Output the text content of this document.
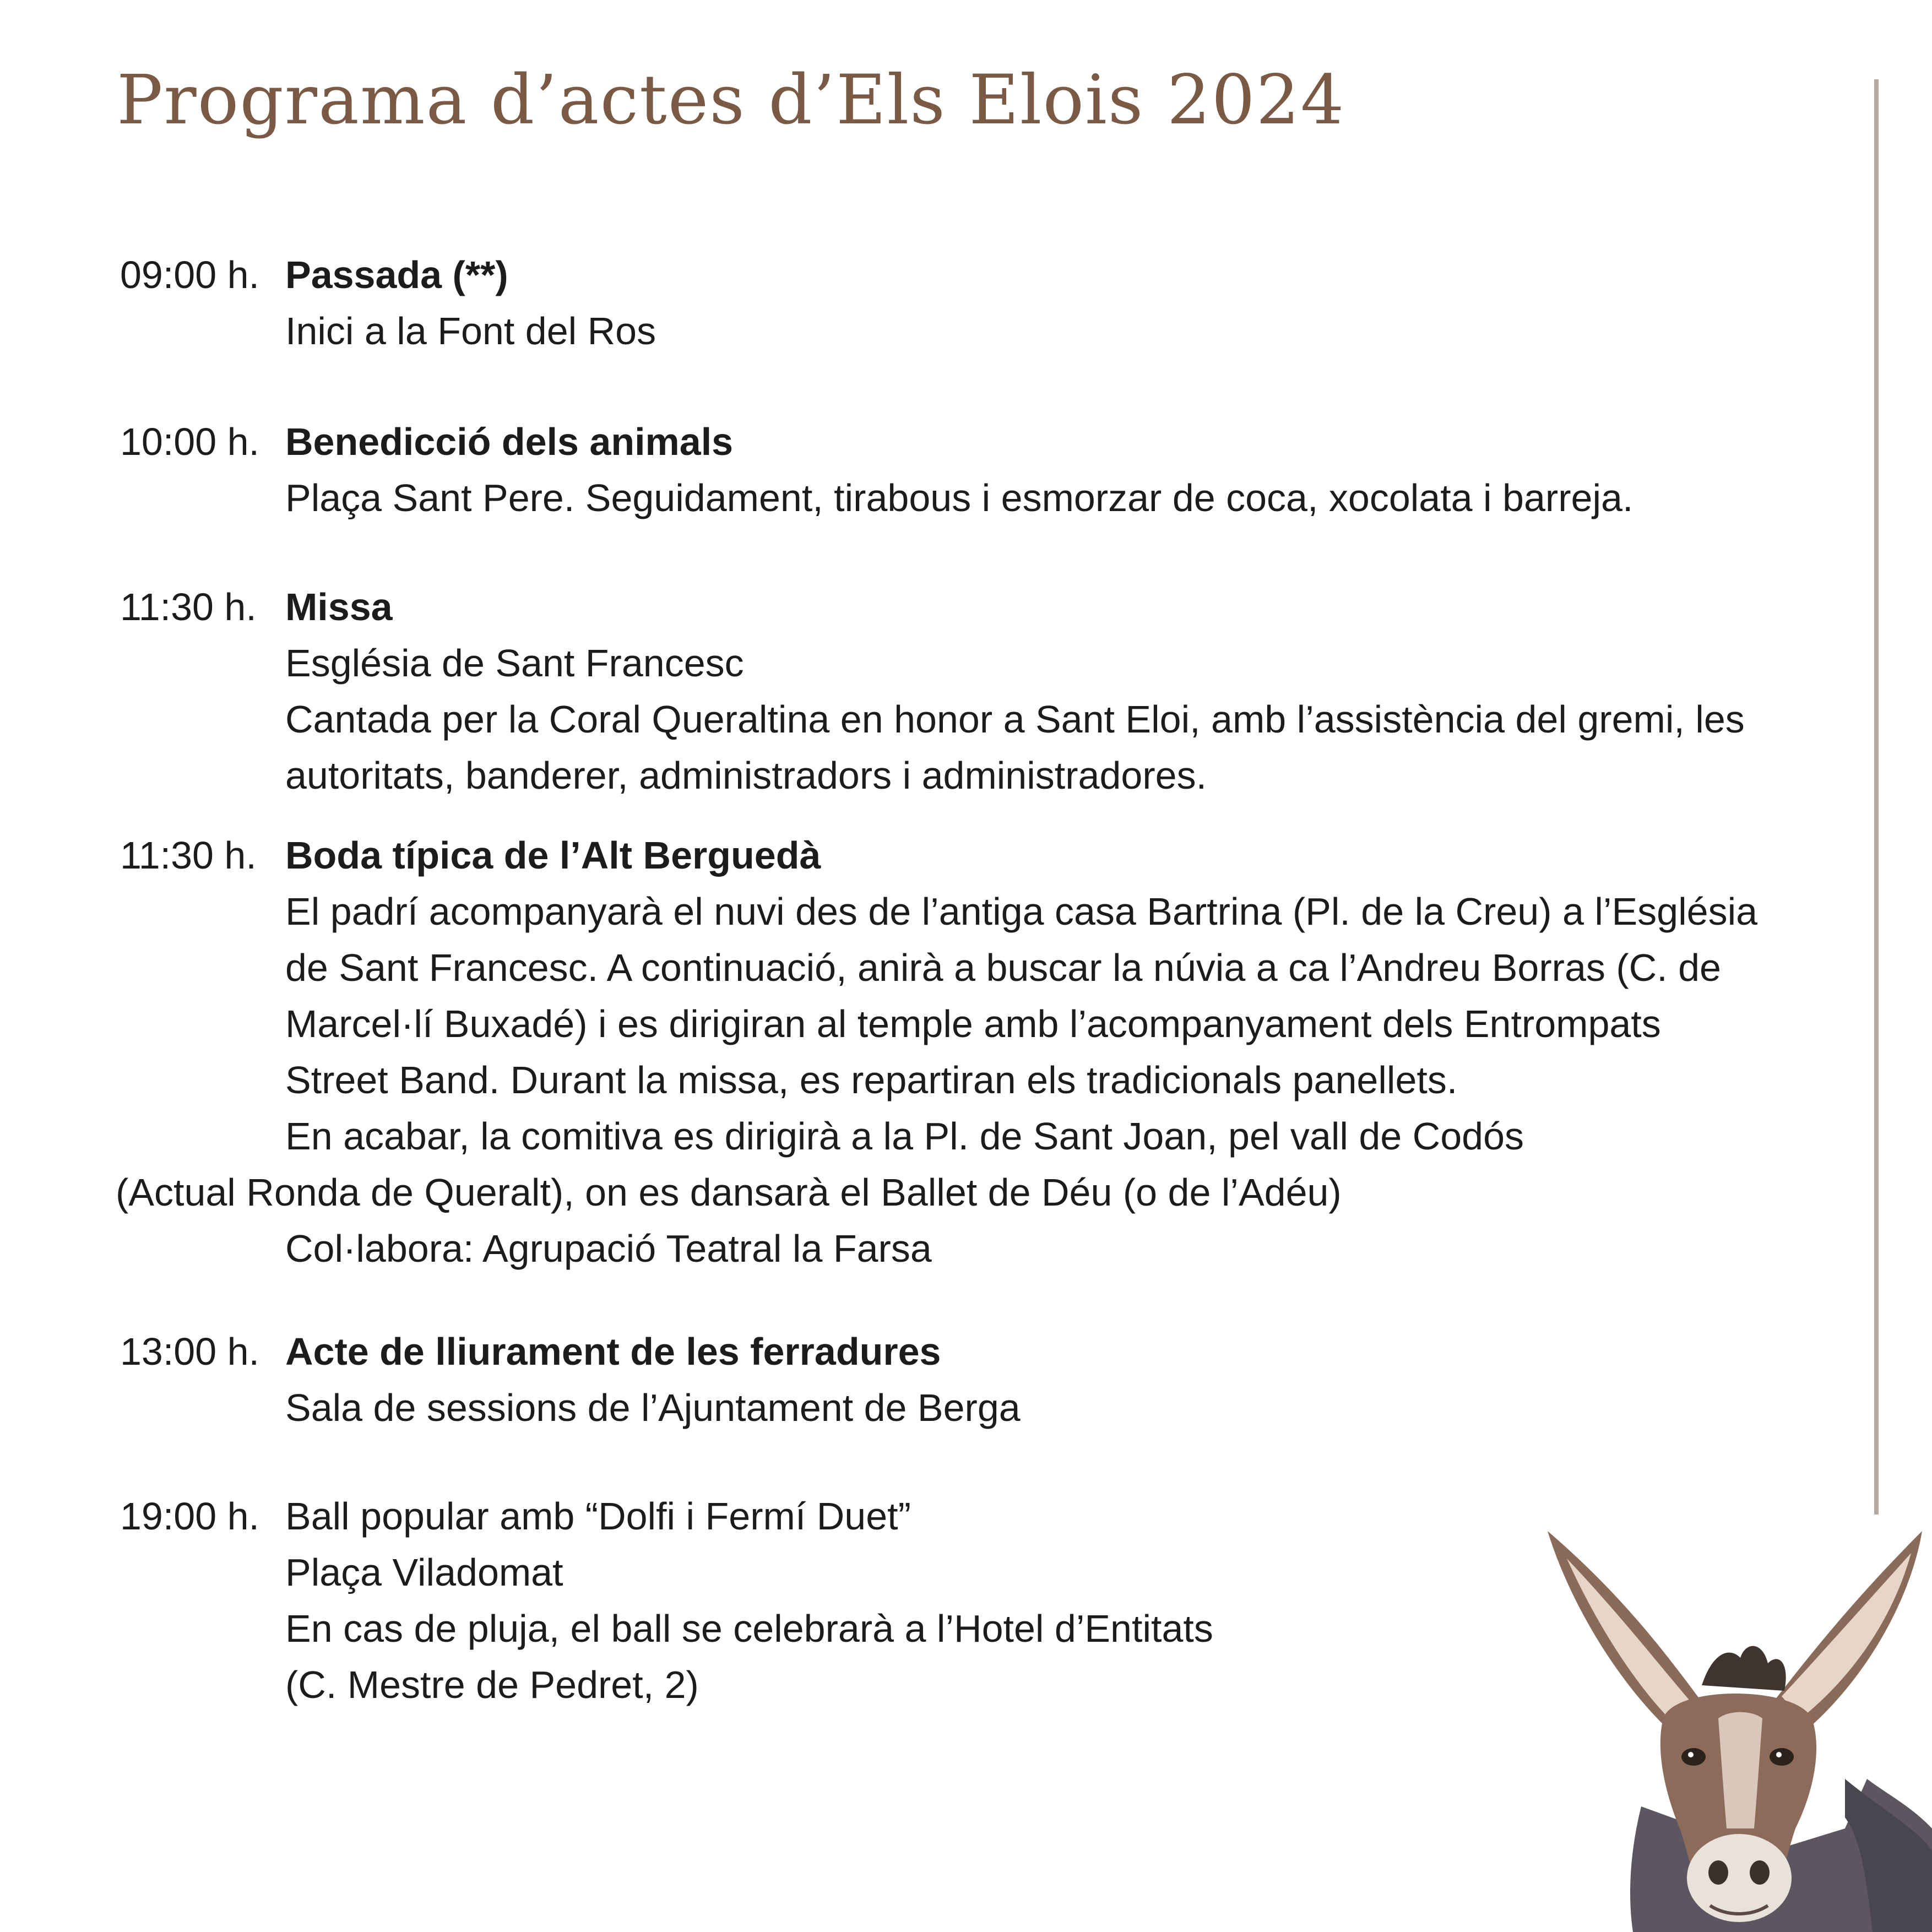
Programa d’actes d’Els Elois 2024
09:00 h. Passada (**)
Inici a la Font del Ros
10:00 h. Benedicció dels animals
Plaça Sant Pere. Seguidament, tirabous i esmorzar de coca, xocolata i barreja.
11:30 h. Missa
Església de Sant Francesc
Cantada per la Coral Queraltina en honor a Sant Eloi, amb l’assistència del gremi, les
autoritats, banderer, administradors i administradores.
11:30 h. Boda típica de l’Alt Berguedà
El padrí acompanyarà el nuvi des de l’antiga casa Bartrina (Pl. de la Creu) a l’Església
de Sant Francesc. A continuació, anirà a buscar la núvia a ca l’Andreu Borras (C. de
Marcel·lí Buxadé) i es dirigiran al temple amb l’acompanyament dels Entrompats
Street Band. Durant la missa, es repartiran els tradicionals panellets.
En acabar, la comitiva es dirigirà a la Pl. de Sant Joan, pel vall de Codós
(Actual Ronda de Queralt), on es dansarà el Ballet de Déu (o de l’Adéu)
Col·labora: Agrupació Teatral la Farsa
13:00 h. Acte de lliurament de les ferradures
Sala de sessions de l’Ajuntament de Berga
19:00 h. Ball popular amb “Dolfi i Fermí Duet”
Plaça Viladomat
En cas de pluja, el ball se celebrarà a l’Hotel d’Entitats
(C. Mestre de Pedret, 2)
